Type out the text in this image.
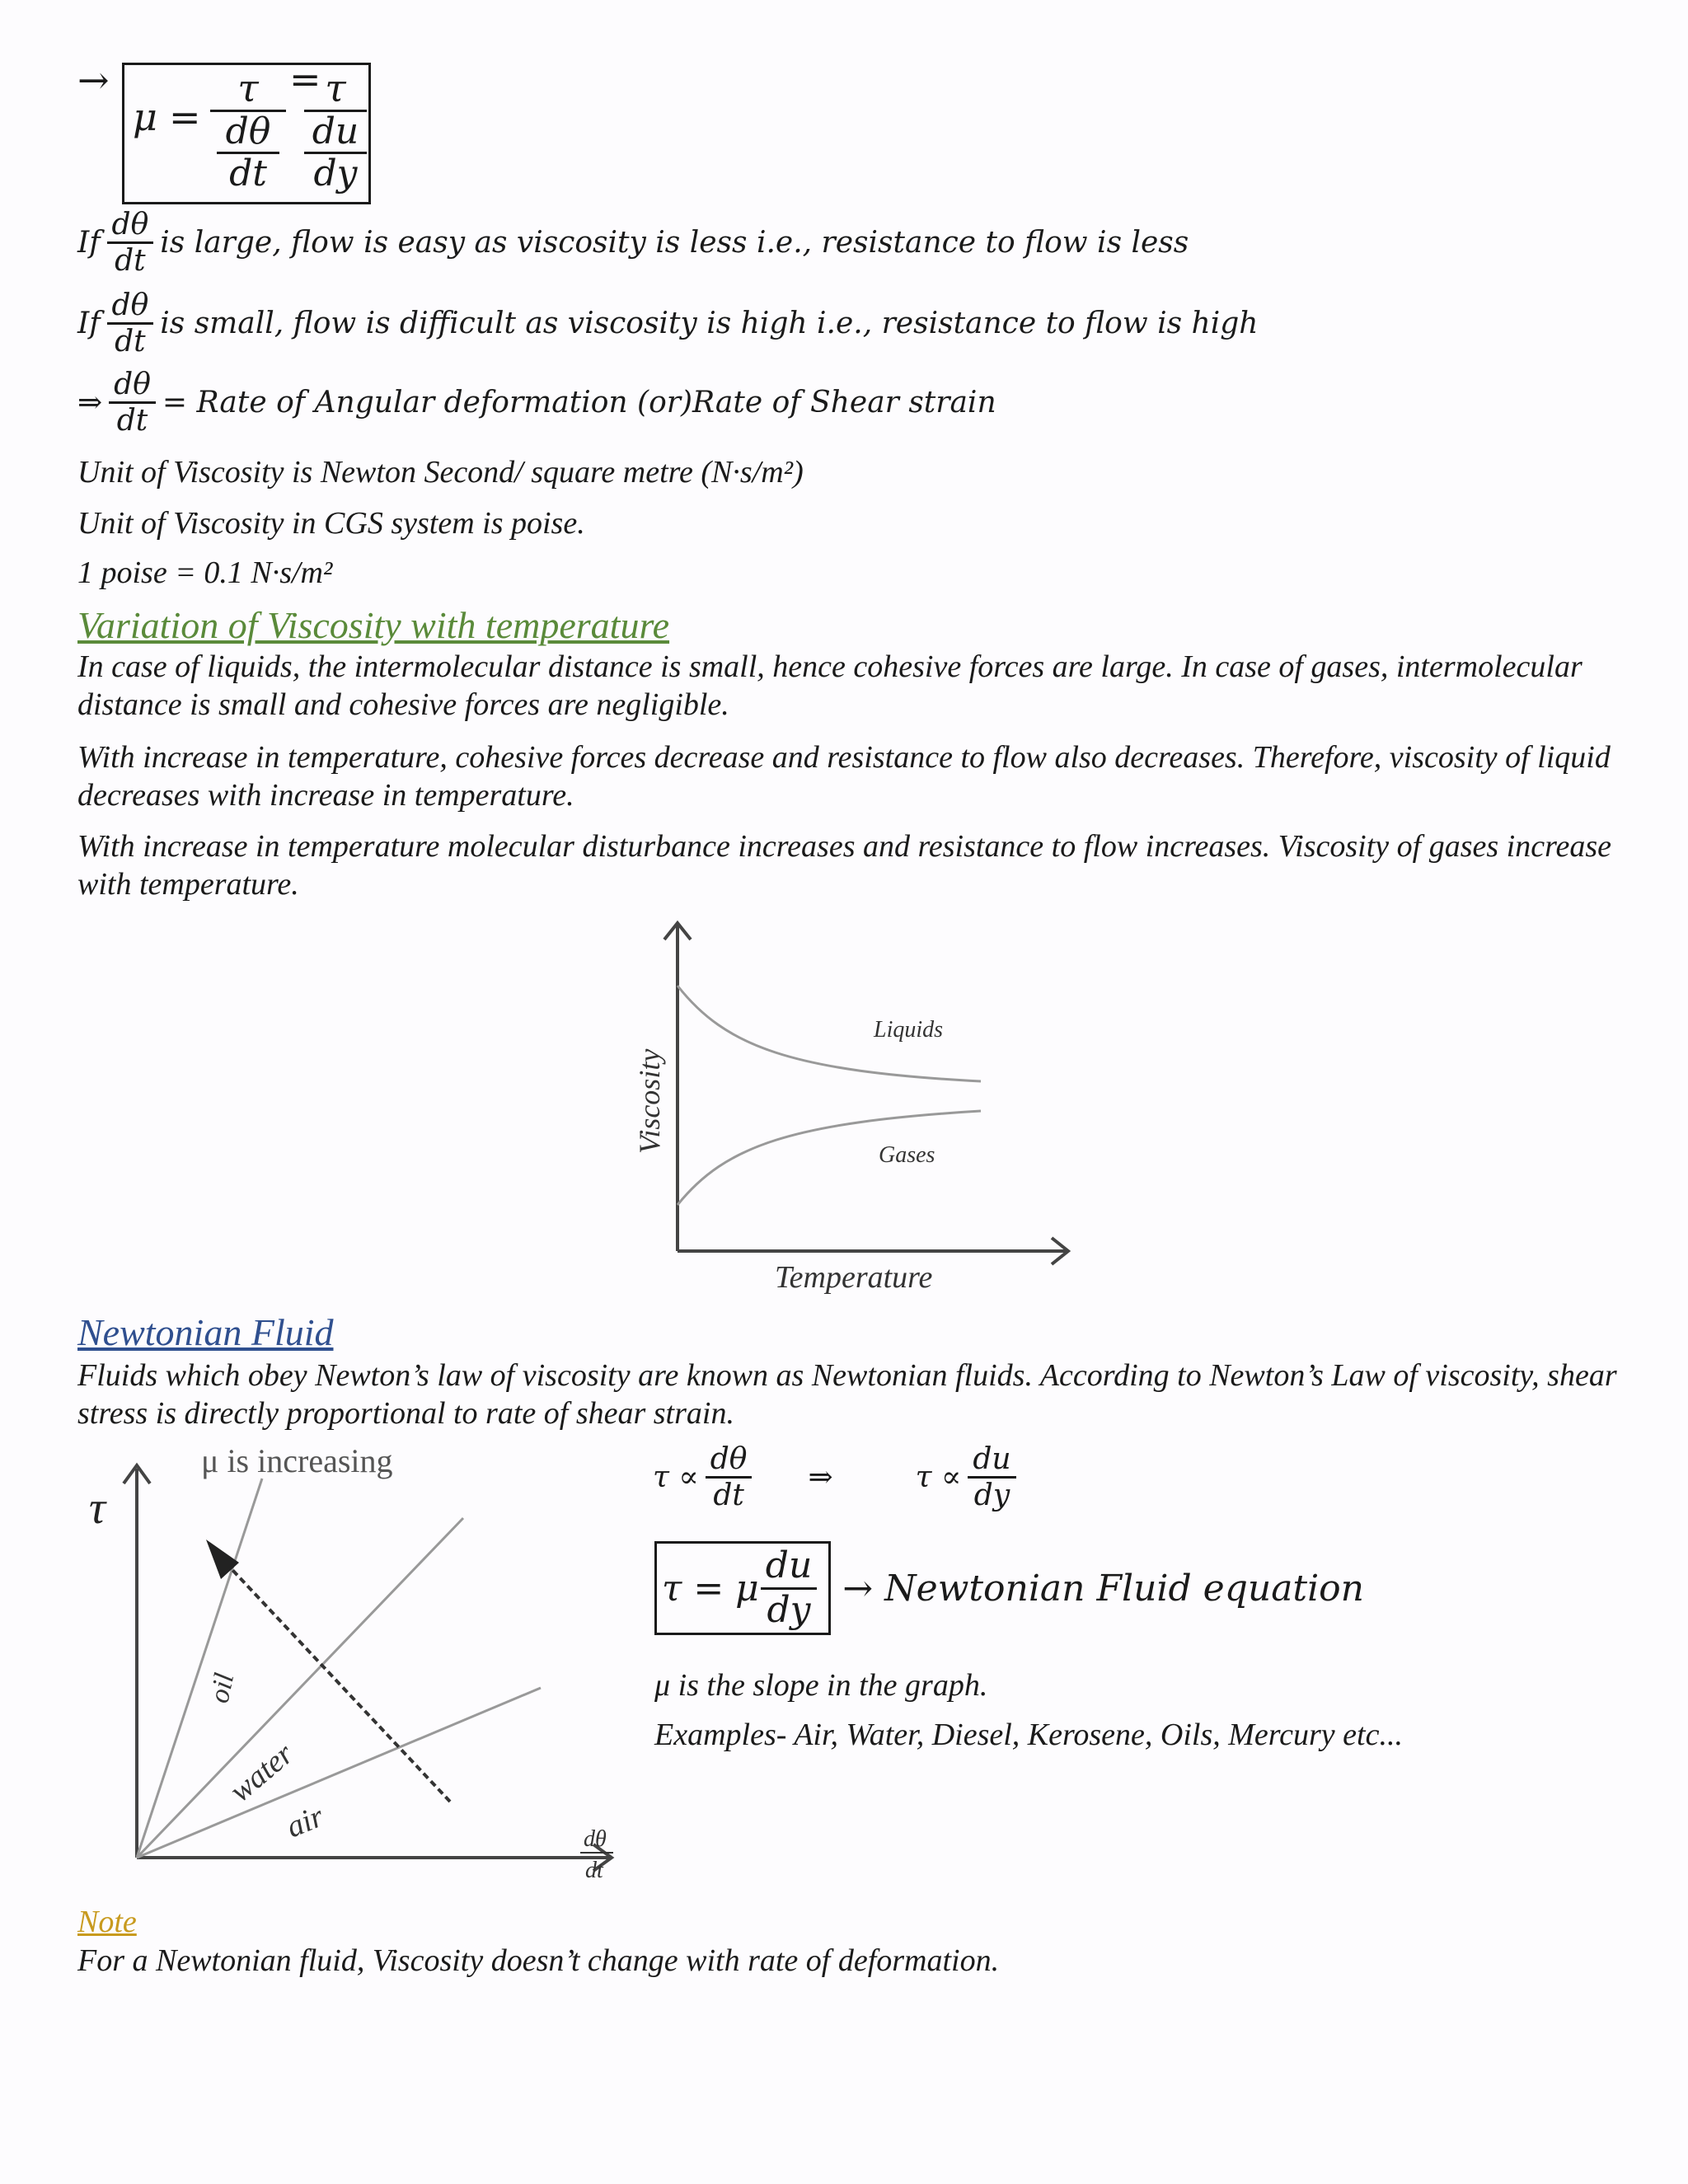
→
μ =
τ
dθ
dt
= τ
du
dy
If $\frac{d\theta}{dt}$ is large, flow is easy as viscosity is less i.e., resistance to flow is less
If $\frac{d\theta}{dt}$ is small, flow is difficult as viscosity is high i.e., resistance to flow is high
⇒ $\frac{d\theta}{dt}$ = Rate of Angular deformation (or)Rate of Shear strain
Unit of Viscosity is Newton Second/ square metre (N·s/m²)
Unit of Viscosity in CGS system is poise.
1 poise = 0.1 N·s/m²
Variation of Viscosity with temperature
In case of liquids, the intermolecular distance is small, hence cohesive forces are large. In case of gases, intermolecular distance is small and cohesive forces are negligible.
With increase in temperature, cohesive forces decrease and resistance to flow also decreases. Therefore, viscosity of liquid decreases with increase in temperature.
With increase in temperature molecular disturbance increases and resistance to flow increases. Viscosity of gases increase with temperature.
Liquids
Gases
Temperature
Viscosity
Newtonian Fluid
Fluids which obey Newton’s law of viscosity are known as Newtonian fluids. According to Newton’s Law of viscosity, shear stress is directly proportional to rate of shear strain.
μ is increasing
τ
oil
water
air	dθ
dt
$\tau \propto \frac{d\theta}{dt}$ ⇒	$\tau \propto \frac{du}{dy}$
τ = μ $\frac{du}{dy}$ → Newtonian Fluid equation
μ is the slope in the graph.
Examples- Air, Water, Diesel, Kerosene, Oils, Mercury etc...
Note
For a Newtonian fluid, Viscosity doesn’t change with rate of deformation.
